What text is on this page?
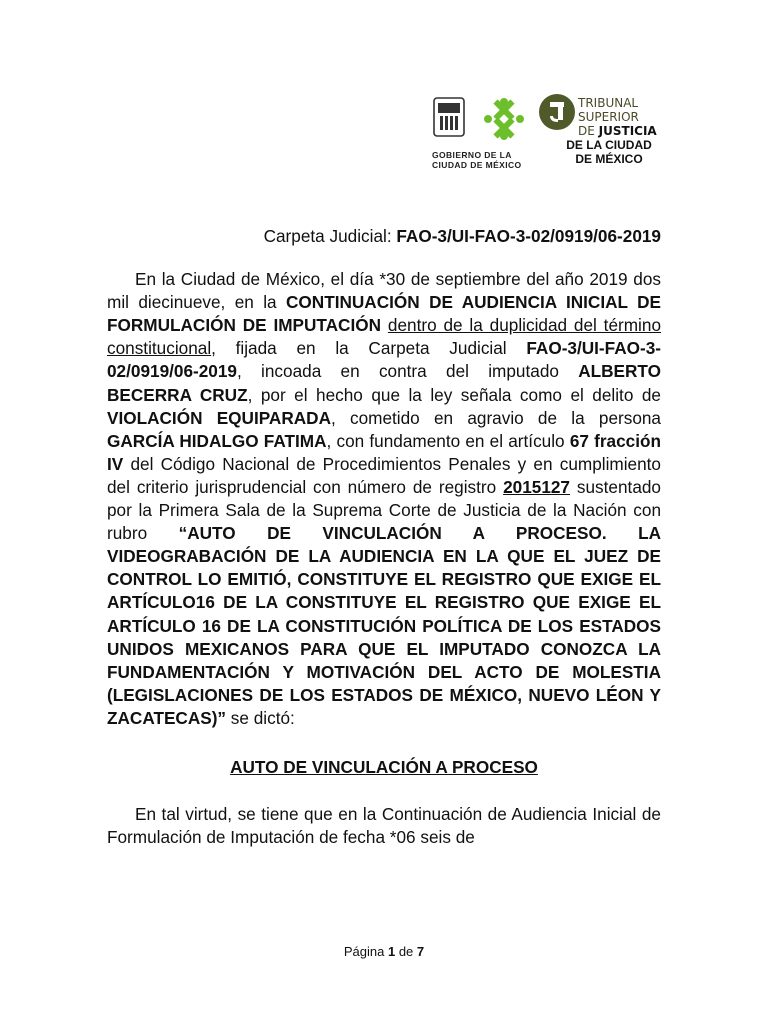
GOBIERNO DE LA
CIUDAD DE MÉXICO
TRIBUNAL
SUPERIOR
DE JUSTICIA
DE LA CIUDAD
DE MÉXICO

Carpeta Judicial: FAO-3/UI-FAO-3-02/0919/06-2019

En la Ciudad de México, el día *30 de septiembre del año 2019 dos mil diecinueve, en la CONTINUACIÓN DE AUDIENCIA INICIAL DE FORMULACIÓN DE IMPUTACIÓN dentro de la duplicidad del término constitucional, fijada en la Carpeta Judicial FAO-3/UI-FAO-3-02/0919/06-2019, incoada en contra del imputado ALBERTO BECERRA CRUZ, por el hecho que la ley señala como el delito de VIOLACIÓN EQUIPARADA, cometido en agravio de la persona GARCÍA HIDALGO FATIMA, con fundamento en el artículo 67 fracción IV del Código Nacional de Procedimientos Penales y en cumplimiento del criterio jurisprudencial con número de registro 2015127 sustentado por la Primera Sala de la Suprema Corte de Justicia de la Nación con rubro “AUTO DE VINCULACIÓN A PROCESO. LA VIDEOGRABACIÓN DE LA AUDIENCIA EN LA QUE EL JUEZ DE CONTROL LO EMITIÓ, CONSTITUYE EL REGISTRO QUE EXIGE EL ARTÍCULO16 DE LA CONSTITUYE EL REGISTRO QUE EXIGE EL ARTÍCULO 16 DE LA CONSTITUCIÓN POLÍTICA DE LOS ESTADOS UNIDOS MEXICANOS PARA QUE EL IMPUTADO CONOZCA LA FUNDAMENTACIÓN Y MOTIVACIÓN DEL ACTO DE MOLESTIA (LEGISLACIONES DE LOS ESTADOS DE MÉXICO, NUEVO LÉON Y ZACATECAS)” se dictó:

AUTO DE VINCULACIÓN A PROCESO

En tal virtud, se tiene que en la Continuación de Audiencia Inicial de Formulación de Imputación de fecha *06 seis de

Página 1 de 7
